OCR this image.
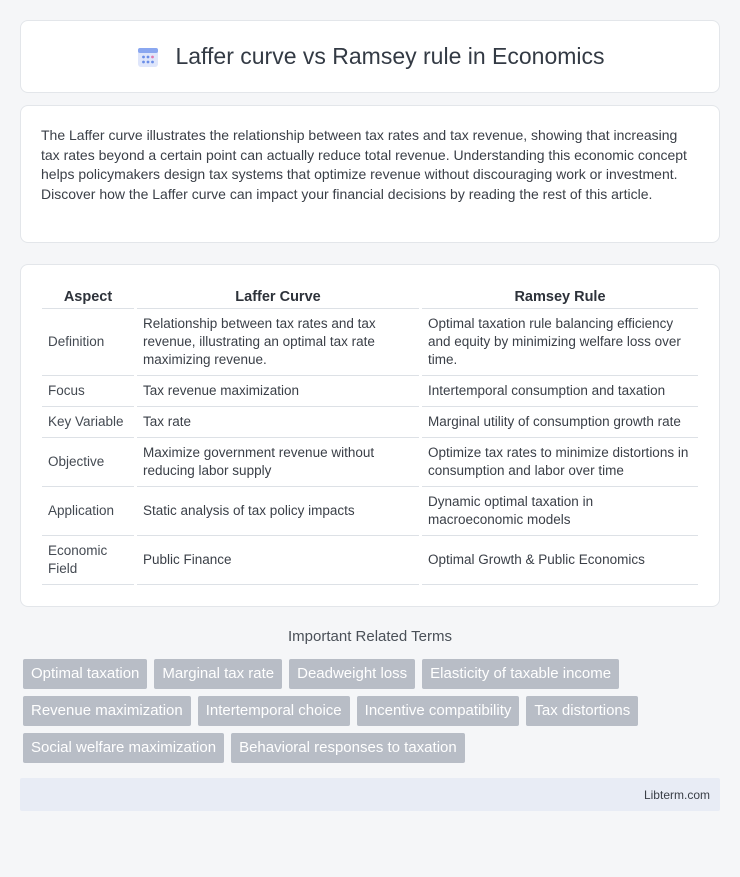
Laffer curve vs Ramsey rule in Economics

The Laffer curve illustrates the relationship between tax rates and tax revenue, showing that increasing tax rates beyond a certain point can actually reduce total revenue. Understanding this economic concept helps policymakers design tax systems that optimize revenue without discouraging work or investment. Discover how the Laffer curve can impact your financial decisions by reading the rest of this article.

Aspect	Laffer Curve	Ramsey Rule
Definition	Relationship between tax rates and tax revenue, illustrating an optimal tax rate maximizing revenue.	Optimal taxation rule balancing efficiency and equity by minimizing welfare loss over time.
Focus	Tax revenue maximization	Intertemporal consumption and taxation
Key Variable	Tax rate	Marginal utility of consumption growth rate
Objective	Maximize government revenue without reducing labor supply	Optimize tax rates to minimize distortions in consumption and labor over time
Application	Static analysis of tax policy impacts	Dynamic optimal taxation in macroeconomic models
Economic Field	Public Finance	Optimal Growth & Public Economics
Important Related Terms
Optimal taxation	Marginal tax rate	Deadweight loss	Elasticity of taxable income
Revenue maximization	Intertemporal choice	Incentive compatibility	Tax distortions
Social welfare maximization	Behavioral responses to taxation
Libterm.com
